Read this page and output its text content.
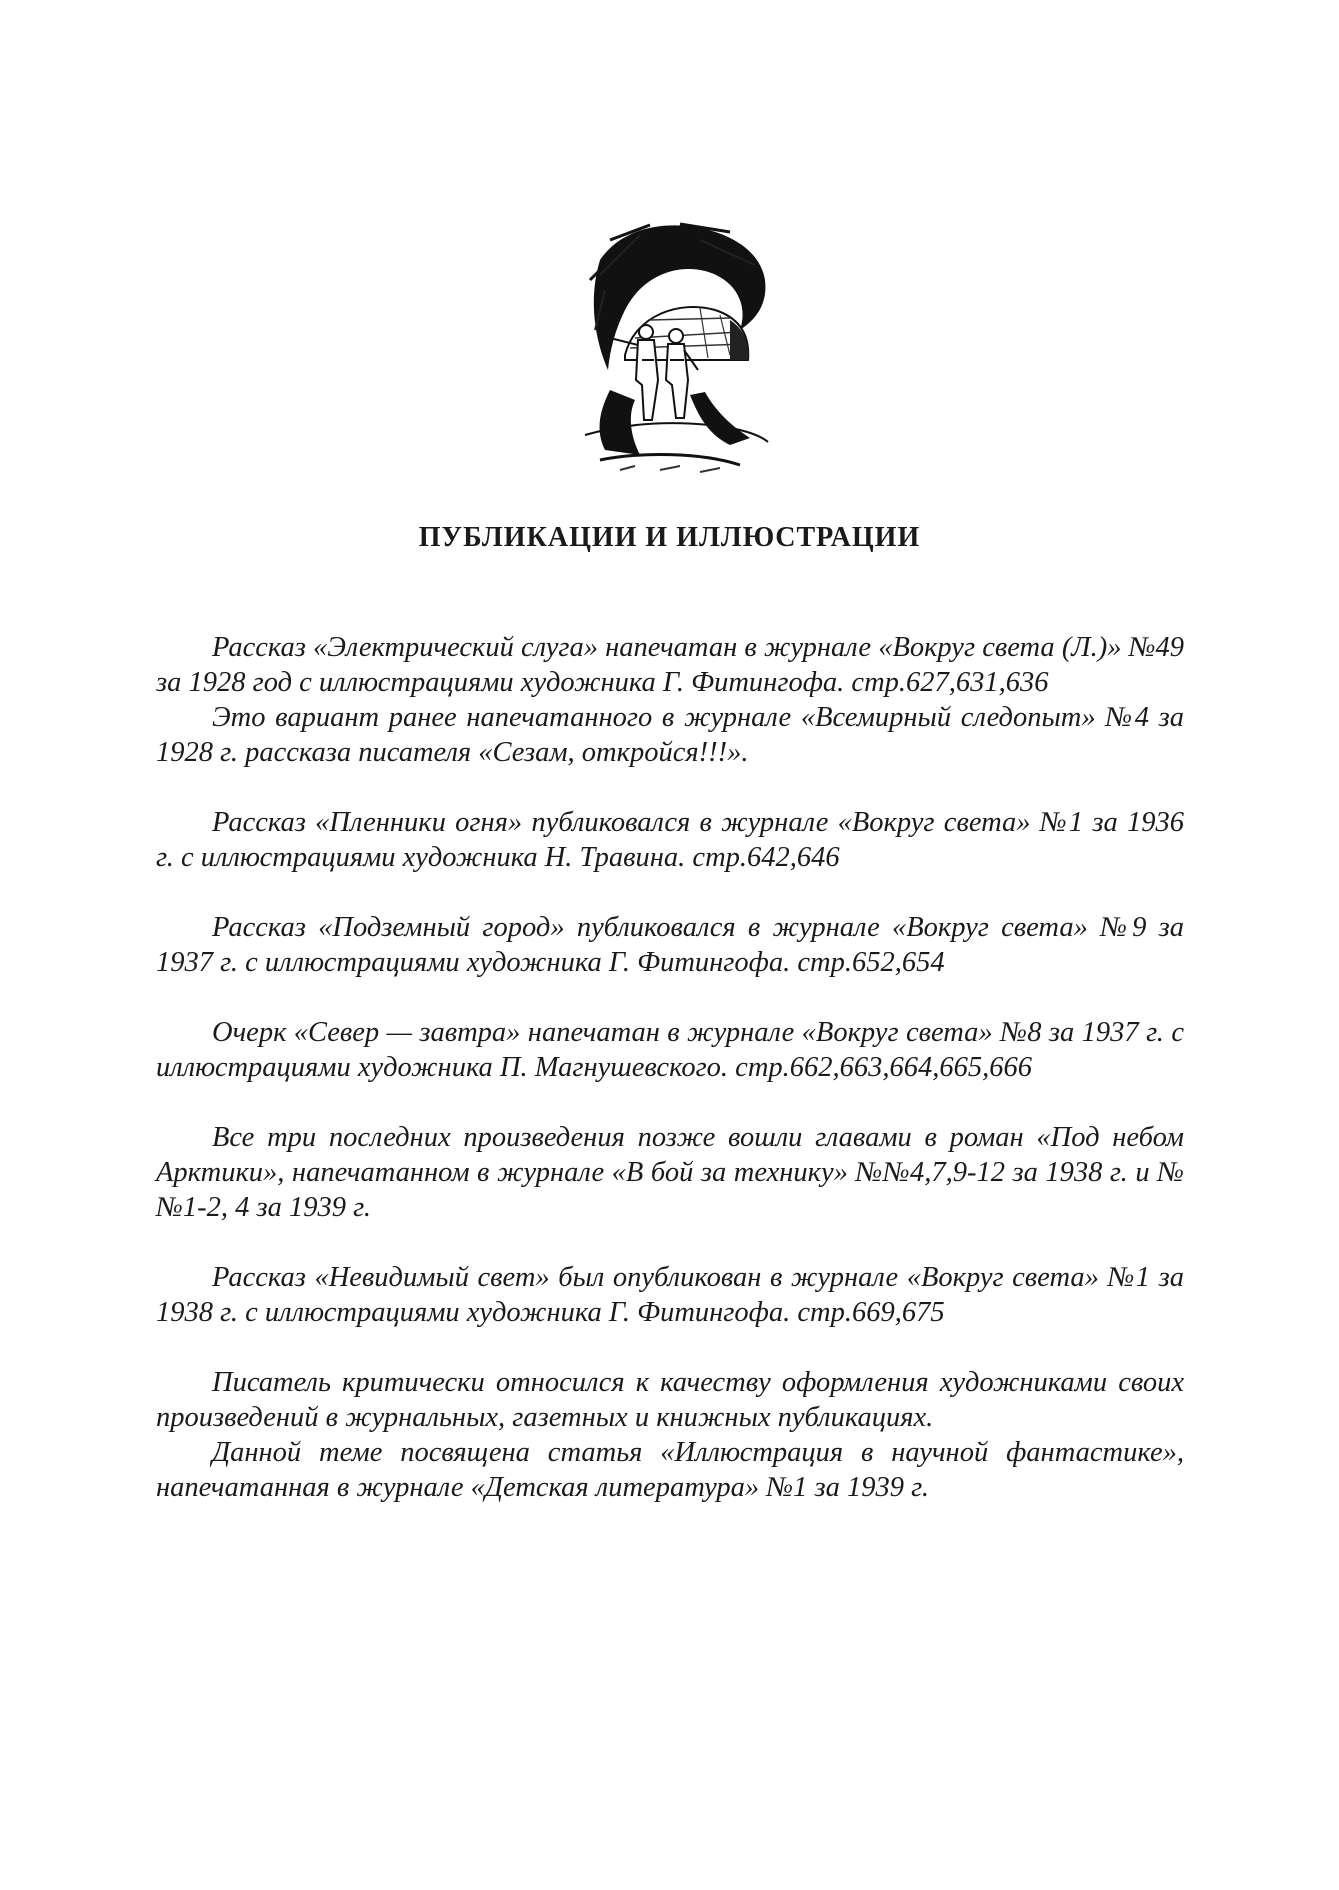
ПУБЛИКАЦИИ И ИЛЛЮСТРАЦИИ

Рассказ «Электрический слуга» напечатан в журнале «Вокруг света (Л.)» №49 за 1928 год с иллюстрациями художника Г. Фитингофа. стр.627,631,636

Это вариант ранее напечатанного в журнале «Всемирный следопыт» №4 за 1928 г. рассказа писателя «Сезам, откройся!!!».

Рассказ «Пленники огня» публиковался в журнале «Вокруг света» №1 за 1936 г. с иллюстрациями художника Н. Травина. стр.642,646

Рассказ «Подземный город» публиковался в журнале «Вокруг света» №9 за 1937 г. с иллюстрациями художника Г. Фитингофа. стр.652,654

Очерк «Север — завтра» напечатан в журнале «Вокруг света» №8 за 1937 г. с иллюстрациями художника П. Магнушевского. стр.662,663,664,665,666

Все три последних произведения позже вошли главами в роман «Под небом Арктики», напечатанном в журнале «В бой за технику» №№4,7,9-12 за 1938 г. и №№1-2, 4 за 1939 г.

Рассказ «Невидимый свет» был опубликован в журнале «Вокруг света» №1 за 1938 г. с иллюстрациями художника Г. Фитингофа. стр.669,675

Писатель критически относился к качеству оформления художниками своих произведений в журнальных, газетных и книжных публикациях.

Данной теме посвящена статья «Иллюстрация в научной фантастике», напечатанная в журнале «Детская литература» №1 за 1939 г.
